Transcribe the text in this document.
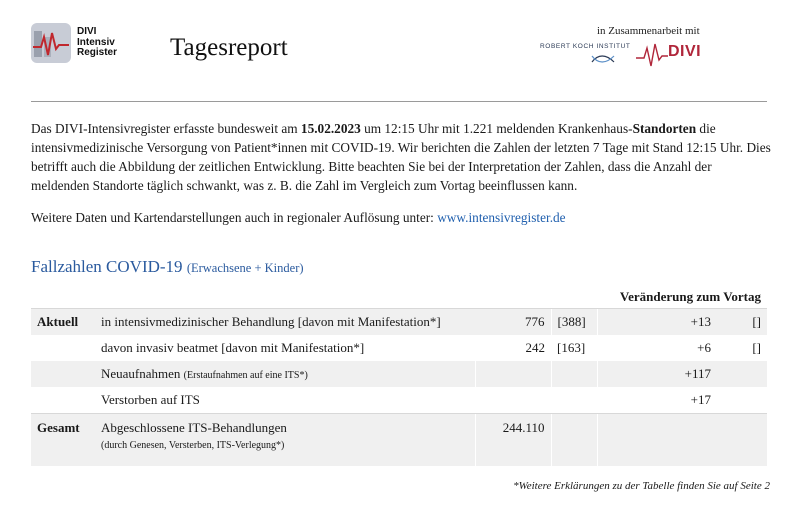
DIVI
Intensiv
Register Tagesreport
in Zusammenarbeit mit
ROBERT KOCH INSTITUT DIVI
Das DIVI-Intensivregister erfasste bundesweit am 15.02.2023 um 12:15 Uhr mit 1.221 meldenden Krankenhaus-Standorten die intensivmedizinische Versorgung von Patient*innen mit COVID-19. Wir berichten die Zahlen der letzten 7 Tage mit Stand 12:15 Uhr. Dies betrifft auch die Abbildung der zeitlichen Entwicklung. Bitte beachten Sie bei der Interpretation der Zahlen, dass die Anzahl der meldenden Standorte täglich schwankt, was z. B. die Zahl im Vergleich zum Vortag beeinflussen kann.
Weitere Daten und Kartendarstellungen auch in regionaler Auflösung unter: www.intensivregister.de
Fallzahlen COVID-19 (Erwachsene + Kinder)
Veränderung zum Vortag					
Aktuell	in intensivmedizinischer Behandlung [davon mit Manifestation*]	776	[388]	+13	[]
	davon invasiv beatmet [davon mit Manifestation*]	242	[163]	+6	[]
	Neuaufnahmen (Erstaufnahmen auf eine ITS*)			+117	
	Verstorben auf ITS			+17	
Gesamt	Abgeschlossene ITS-Behandlungen
(durch Genesen, Versterben, ITS-Verlegung*)	244.110			
*Weitere Erklärungen zu der Tabelle finden Sie auf Seite 2
